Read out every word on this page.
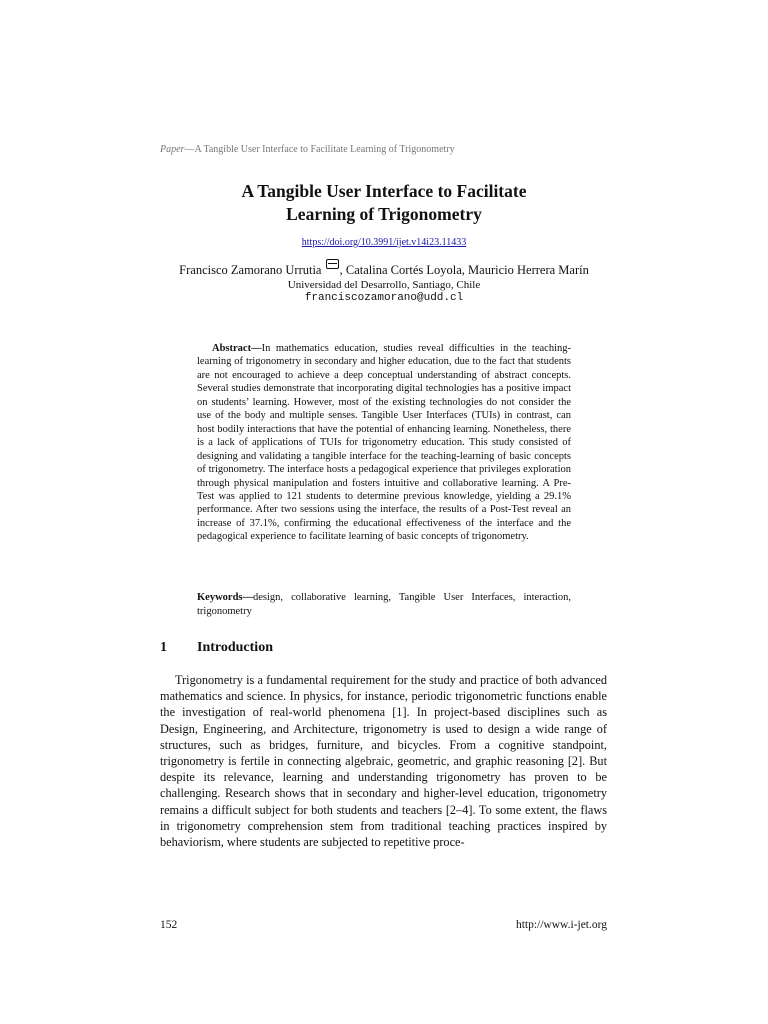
Paper—A Tangible User Interface to Facilitate Learning of Trigonometry
A Tangible User Interface to Facilitate
Learning of Trigonometry
https://doi.org/10.3991/ijet.v14i23.11433
Francisco Zamorano Urrutia , Catalina Cortés Loyola, Mauricio Herrera Marín
Universidad del Desarrollo, Santiago, Chile
franciscozamorano@udd.cl

Abstract—In mathematics education, studies reveal difficulties in the teaching-learning of trigonometry in secondary and higher education, due to the fact that students are not encouraged to achieve a deep conceptual understanding of abstract concepts. Several studies demonstrate that incorporating digital technologies has a positive impact on students’ learning. However, most of the existing technologies do not consider the use of the body and multiple senses. Tangible User Interfaces (TUIs) in contrast, can host bodily interactions that have the potential of enhancing learning. Nonetheless, there is a lack of applications of TUIs for trigonometry education. This study consisted of designing and validating a tangible interface for the teaching-learning of basic concepts of trigonometry. The interface hosts a pedagogical experience that privileges exploration through physical manipulation and fosters intuitive and collaborative learning. A Pre-Test was applied to 121 students to determine previous knowledge, yielding a 29.1% performance. After two sessions using the interface, the results of a Post-Test reveal an increase of 37.1%, confirming the educational effectiveness of the interface and the pedagogical experience to facilitate learning of basic concepts of trigonometry.

Keywords—design, collaborative learning, Tangible User Interfaces, interaction, trigonometry

1 Introduction

Trigonometry is a fundamental requirement for the study and practice of both advanced mathematics and science. In physics, for instance, periodic trigonometric functions enable the investigation of real-world phenomena [1]. In project-based disciplines such as Design, Engineering, and Architecture, trigonometry is used to design a wide range of structures, such as bridges, furniture, and bicycles. From a cognitive standpoint, trigonometry is fertile in connecting algebraic, geometric, and graphic reasoning [2]. But despite its relevance, learning and understanding trigonometry has proven to be challenging. Research shows that in secondary and higher-level education, trigonometry remains a difficult subject for both students and teachers [2–4]. To some extent, the flaws in trigonometry comprehension stem from traditional teaching practices inspired by behaviorism, where students are subjected to repetitive proce-

152	http://www.i-jet.org
